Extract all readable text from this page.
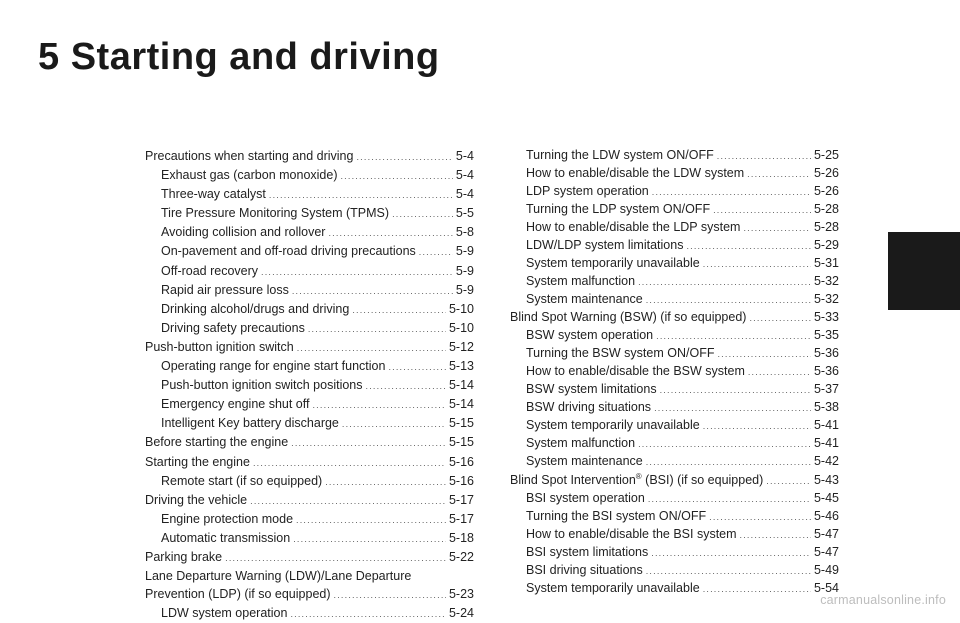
5 Starting and driving
Precautions when starting and driving .....	5-4
Exhaust gas (carbon monoxide) .....	5-4
Three-way catalyst .....	5-4
Tire Pressure Monitoring System (TPMS) .....	5-5
Avoiding collision and rollover .....	5-8
On-pavement and off-road driving precautions .....	5-9
Off-road recovery .....	5-9
Rapid air pressure loss .....	5-9
Drinking alcohol/drugs and driving .....	5-10
Driving safety precautions .....	5-10
Push-button ignition switch .....	5-12
Operating range for engine start function .....	5-13
Push-button ignition switch positions .....	5-14
Emergency engine shut off .....	5-14
Intelligent Key battery discharge .....	5-15
Before starting the engine .....	5-15
Starting the engine .....	5-16
Remote start (if so equipped) .....	5-16
Driving the vehicle .....	5-17
Engine protection mode .....	5-17
Automatic transmission .....	5-18
Parking brake .....	5-22
Lane Departure Warning (LDW)/Lane Departure
Prevention (LDP) (if so equipped) .....	5-23
LDW system operation .....	5-24
Turning the LDW system ON/OFF .....	5-25
How to enable/disable the LDW system .....	5-26
LDP system operation .....	5-26
Turning the LDP system ON/OFF .....	5-28
How to enable/disable the LDP system .....	5-28
LDW/LDP system limitations .....	5-29
System temporarily unavailable .....	5-31
System malfunction .....	5-32
System maintenance .....	5-32
Blind Spot Warning (BSW) (if so equipped) .....	5-33
BSW system operation .....	5-35
Turning the BSW system ON/OFF .....	5-36
How to enable/disable the BSW system .....	5-36
BSW system limitations .....	5-37
BSW driving situations .....	5-38
System temporarily unavailable .....	5-41
System malfunction .....	5-41
System maintenance .....	5-42
Blind Spot Intervention® (BSI) (if so equipped) .....	5-43
BSI system operation .....	5-45
Turning the BSI system ON/OFF .....	5-46
How to enable/disable the BSI system .....	5-47
BSI system limitations .....	5-47
BSI driving situations .....	5-49
System temporarily unavailable .....	5-54
carmanualsonline.info
